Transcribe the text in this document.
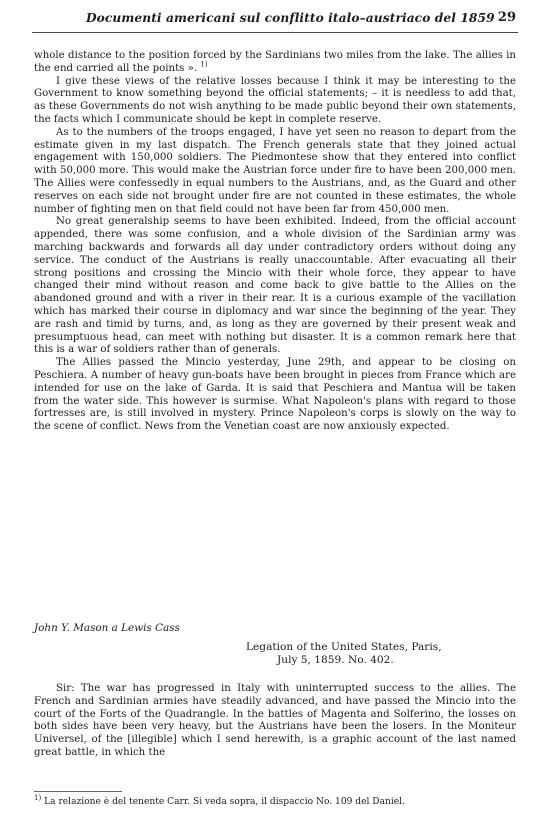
Documenti americani sul conflitto italo–austriaco del 1859 29

whole distance to the position forced by the Sardinians two miles from the lake. The allies in the end carried all the points ». $^{1)}$

I give these views of the relative losses because I think it may be interesting to the Government to know something beyond the official statements; – it is needless to add that, as these Governments do not wish anything to be made public beyond their own statements, the facts which I communicate should be kept in complete reserve.

As to the numbers of the troops engaged, I have yet seen no reason to depart from the estimate given in my last dispatch. The French generals state that they joined actual engagement with 150,000 soldiers. The Piedmontese show that they entered into conflict with 50,000 more. This would make the Austrian force under fire to have been 200,000 men. The Allies were confessedly in equal numbers to the Austrians, and, as the Guard and other reserves on each side not brought under fire are not counted in these estimates, the whole number of fighting men on that field could not have been far from 450,000 men.

No great generalship seems to have been exhibited. Indeed, from the official account appended, there was some confusion, and a whole division of the Sardinian army was marching backwards and forwards all day under contradictory orders without doing any service. The conduct of the Austrians is really unaccountable. After evacuating all their strong positions and crossing the Mincio with their whole force, they appear to have changed their mind without reason and come back to give battle to the Allies on the abandoned ground and with a river in their rear. It is a curious example of the vacillation which has marked their course in diplomacy and war since the beginning of the year. They are rash and timid by turns, and, as long as they are governed by their present weak and presumptuous head, can meet with nothing but disaster. It is a common remark here that this is a war of soldiers rather than of generals.

The Allies passed the Mincio yesterday, June 29th, and appear to be closing on Peschiera. A number of heavy gun-boats have been brought in pieces from France which are intended for use on the lake of Garda. It is said that Peschiera and Mantua will be taken from the water side. This however is surmise. What Napoleon's plans with regard to those fortresses are, is still involved in mystery. Prince Napoleon's corps is slowly on the way to the scene of conflict. News from the Venetian coast are now anxiously expected.

John Y. Mason a Lewis Cass
Legation of the United States, Paris,
July 5, 1859. No. 402.

Sir: The war has progressed in Italy with uninterrupted success to the allies. The French and Sardinian armies have steadily advanced, and have passed the Mincio into the court of the Forts of the Quadrangle. In the battles of Magenta and Solferino, the losses on both sides have been very heavy, but the Austrians have been the losers. In the Moniteur Universel, of the [illegible] which I send herewith, is a graphic account of the last named great battle, in which the

$^{1)}$ La relazione è del tenente Carr. Si veda sopra, il dispaccio No. 109 del Daniel.
